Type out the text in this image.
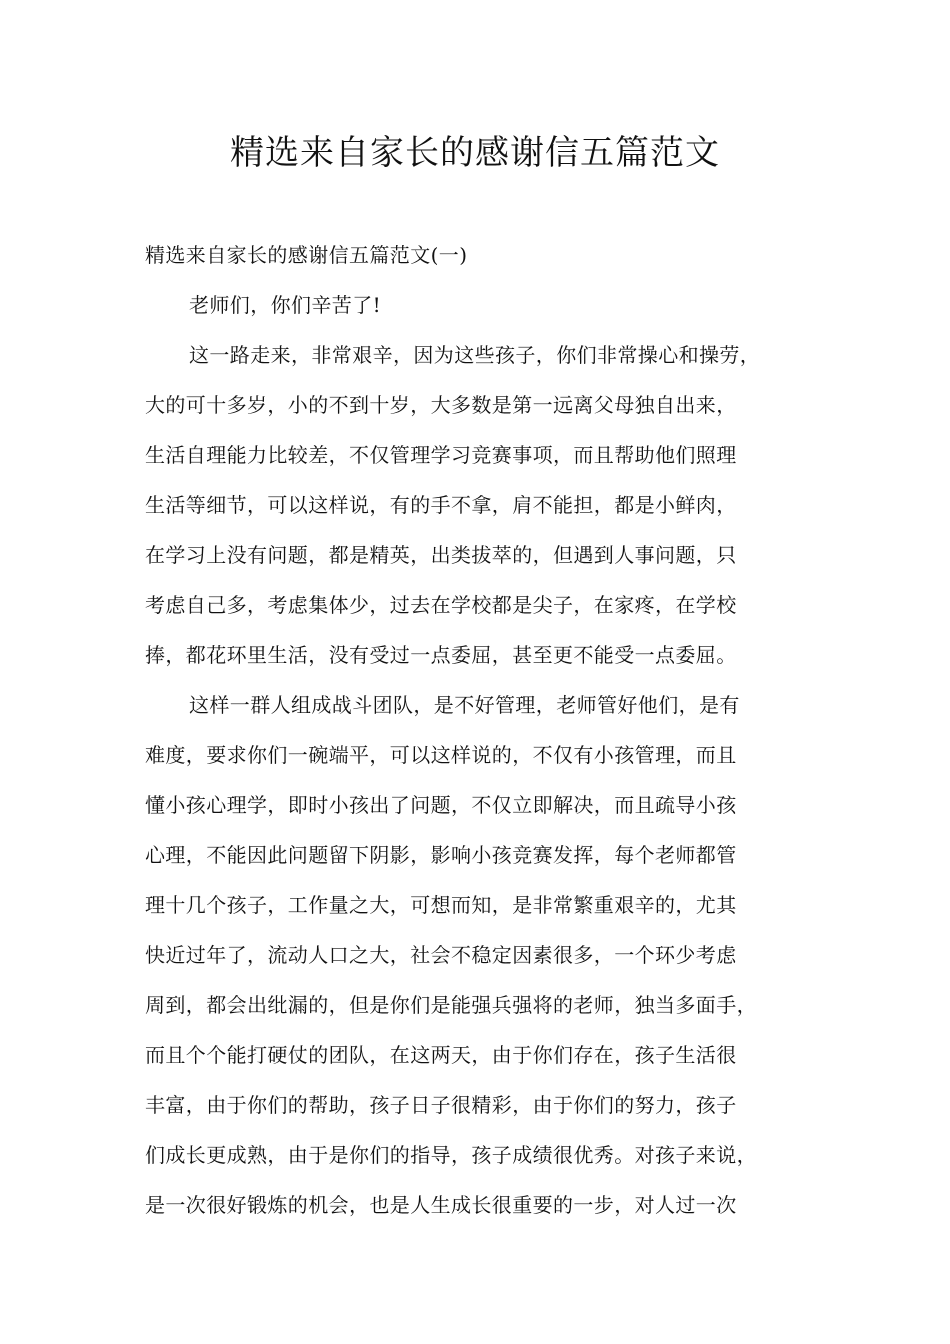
精选来自家长的感谢信五篇范文
精选来自家长的感谢信五篇范文(一)
老师们，你们辛苦了!
这一路走来，非常艰辛，因为这些孩子，你们非常操心和操劳，
大的可十多岁，小的不到十岁，大多数是第一远离父母独自出来，
生活自理能力比较差，不仅管理学习竞赛事项，而且帮助他们照理
生活等细节，可以这样说，有的手不拿，肩不能担，都是小鲜肉，
在学习上没有问题，都是精英，出类拔萃的，但遇到人事问题，只
考虑自己多，考虑集体少，过去在学校都是尖子，在家疼，在学校
捧，都花环里生活，没有受过一点委屈，甚至更不能受一点委屈。
这样一群人组成战斗团队，是不好管理，老师管好他们，是有
难度，要求你们一碗端平，可以这样说的，不仅有小孩管理，而且
懂小孩心理学，即时小孩出了问题，不仅立即解决，而且疏导小孩
心理，不能因此问题留下阴影，影响小孩竞赛发挥，每个老师都管
理十几个孩子，工作量之大，可想而知，是非常繁重艰辛的，尤其
快近过年了，流动人口之大，社会不稳定因素很多，一个环少考虑
周到，都会出纰漏的，但是你们是能强兵强将的老师，独当多面手，
而且个个能打硬仗的团队，在这两天，由于你们存在，孩子生活很
丰富，由于你们的帮助，孩子日子很精彩，由于你们的努力，孩子
们成长更成熟，由于是你们的指导，孩子成绩很优秀。对孩子来说，
是一次很好锻炼的机会，也是人生成长很重要的一步，对人过一次
